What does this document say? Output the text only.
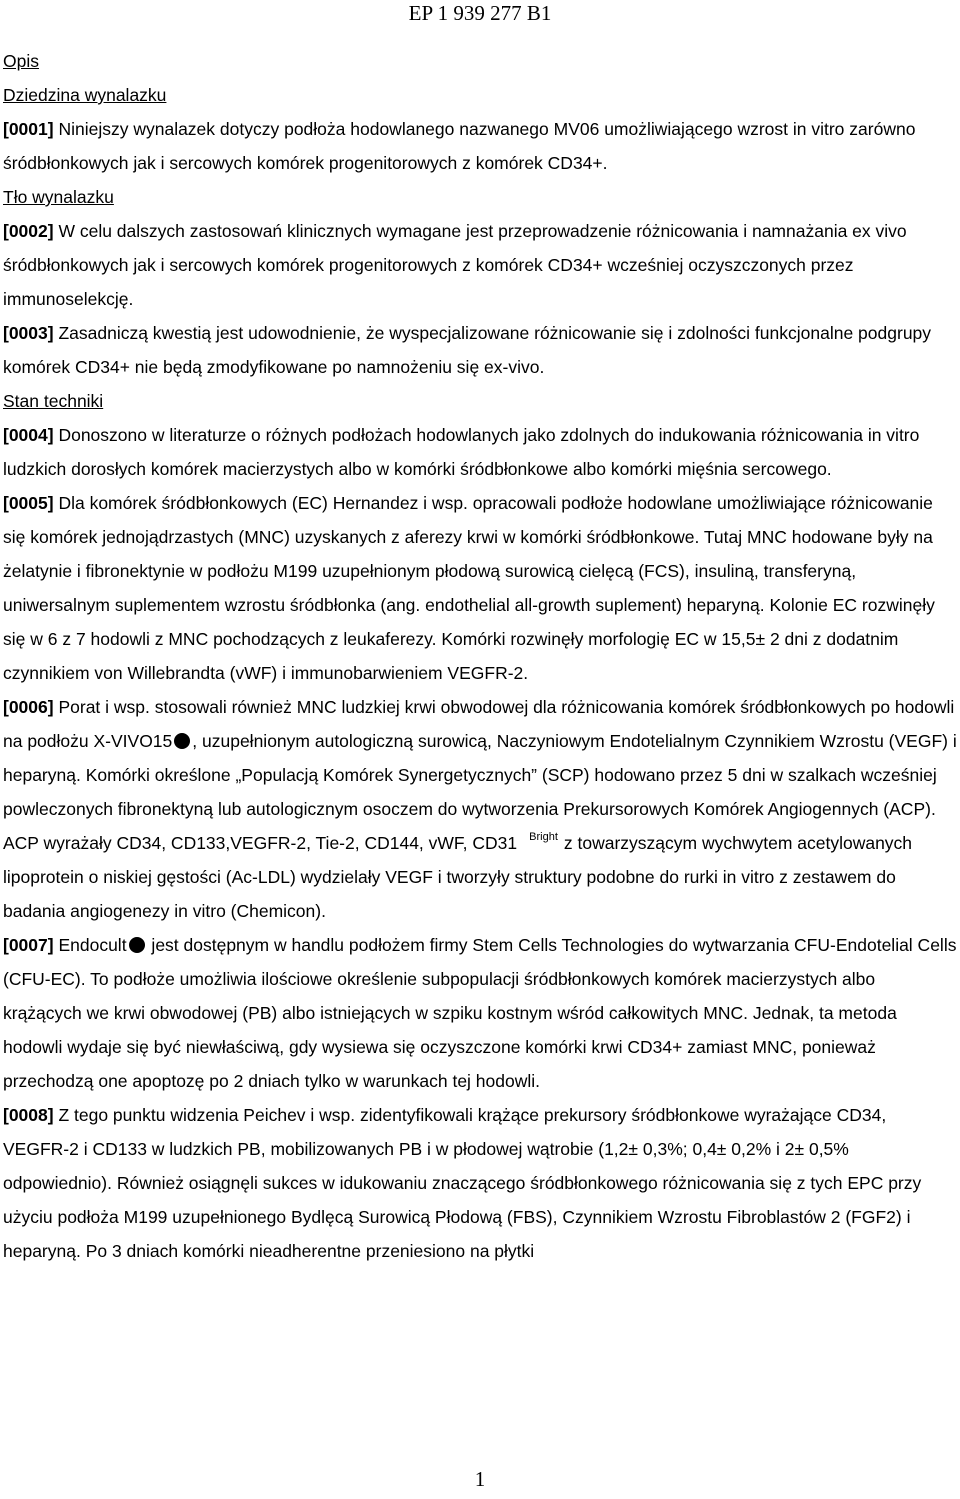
EP 1 939 277 B1

Opis

Dziedzina wynalazku

[0001] Niniejszy wynalazek dotyczy podłoża hodowlanego nazwanego MV06 umożliwiającego wzrost in vitro zarówno śródbłonkowych jak i sercowych komórek progenitorowych z komórek CD34+.

Tło wynalazku

[0002] W celu dalszych zastosowań klinicznych wymagane jest przeprowadzenie różnicowania i namnażania ex vivo śródbłonkowych jak i sercowych komórek progenitorowych z komórek CD34+ wcześniej oczyszczonych przez immunoselekcję.

[0003] Zasadniczą kwestią jest udowodnienie, że wyspecjalizowane różnicowanie się i zdolności funkcjonalne podgrupy komórek CD34+ nie będą zmodyfikowane po namnożeniu się ex-vivo.

Stan techniki

[0004] Donoszono w literaturze o różnych podłożach hodowlanych jako zdolnych do indukowania różnicowania in vitro ludzkich dorosłych komórek macierzystych albo w komórki śródbłonkowe albo komórki mięśnia sercowego.

[0005] Dla komórek śródbłonkowych (EC) Hernandez i wsp. opracowali podłoże hodowlane umożliwiające różnicowanie się komórek jednojądrzastych (MNC) uzyskanych z aferezy krwi w komórki śródbłonkowe. Tutaj MNC hodowane były na żelatynie i fibronektynie w podłożu M199 uzupełnionym płodową surowicą cielęcą (FCS), insuliną, transferyną, uniwersalnym suplementem wzrostu śródbłonka (ang. endothelial all-growth suplement) heparyną. Kolonie EC rozwinęły się w 6 z 7 hodowli z MNC pochodzących z leukaferezy. Komórki rozwinęły morfologię EC w 15,5± 2 dni z dodatnim czynnikiem von Willebrandta (vWF) i immunobarwieniem VEGFR-2.

[0006] Porat i wsp. stosowali również MNC ludzkiej krwi obwodowej dla różnicowania komórek śródbłonkowych po hodowli na podłożu X-VIVO15 , uzupełnionym autologiczną surowicą, Naczyniowym Endotelialnym Czynnikiem Wzrostu (VEGF) i heparyną. Komórki określone „Populacją Komórek Synergetycznych” (SCP) hodowano przez 5 dni w szalkach wcześniej powleczonych fibronektyną lub autologicznym osoczem do wytworzenia Prekursorowych Komórek Angiogennych (ACP). ACP wyrażały CD34, CD133,VEGFR-2, Tie-2, CD144, vWF, CD31 $^{Bright}$ z towarzyszącym wychwytem acetylowanych lipoprotein o niskiej gęstości (Ac-LDL) wydzielały VEGF i tworzyły struktury podobne do rurki in vitro z zestawem do badania angiogenezy in vitro (Chemicon).

[0007] Endocult jest dostępnym w handlu podłożem firmy Stem Cells Technologies do wytwarzania CFU-Endotelial Cells (CFU-EC). To podłoże umożliwia ilościowe określenie subpopulacji śródbłonkowych komórek macierzystych albo krążących we krwi obwodowej (PB) albo istniejących w szpiku kostnym wśród całkowitych MNC. Jednak, ta metoda hodowli wydaje się być niewłaściwą, gdy wysiewa się oczyszczone komórki krwi CD34+ zamiast MNC, ponieważ przechodzą one apoptozę po 2 dniach tylko w warunkach tej hodowli.

[0008] Z tego punktu widzenia Peichev i wsp. zidentyfikowali krążące prekursory śródbłonkowe wyrażające CD34, VEGFR-2 i CD133 w ludzkich PB, mobilizowanych PB i w płodowej wątrobie (1,2± 0,3%; 0,4± 0,2% i 2± 0,5% odpowiednio). Również osiągnęli sukces w idukowaniu znaczącego śródbłonkowego różnicowania się z tych EPC przy użyciu podłoża M199 uzupełnionego Bydlęcą Surowicą Płodową (FBS), Czynnikiem Wzrostu Fibroblastów 2 (FGF2) i heparyną. Po 3 dniach komórki nieadherentne przeniesiono na płytki

1
